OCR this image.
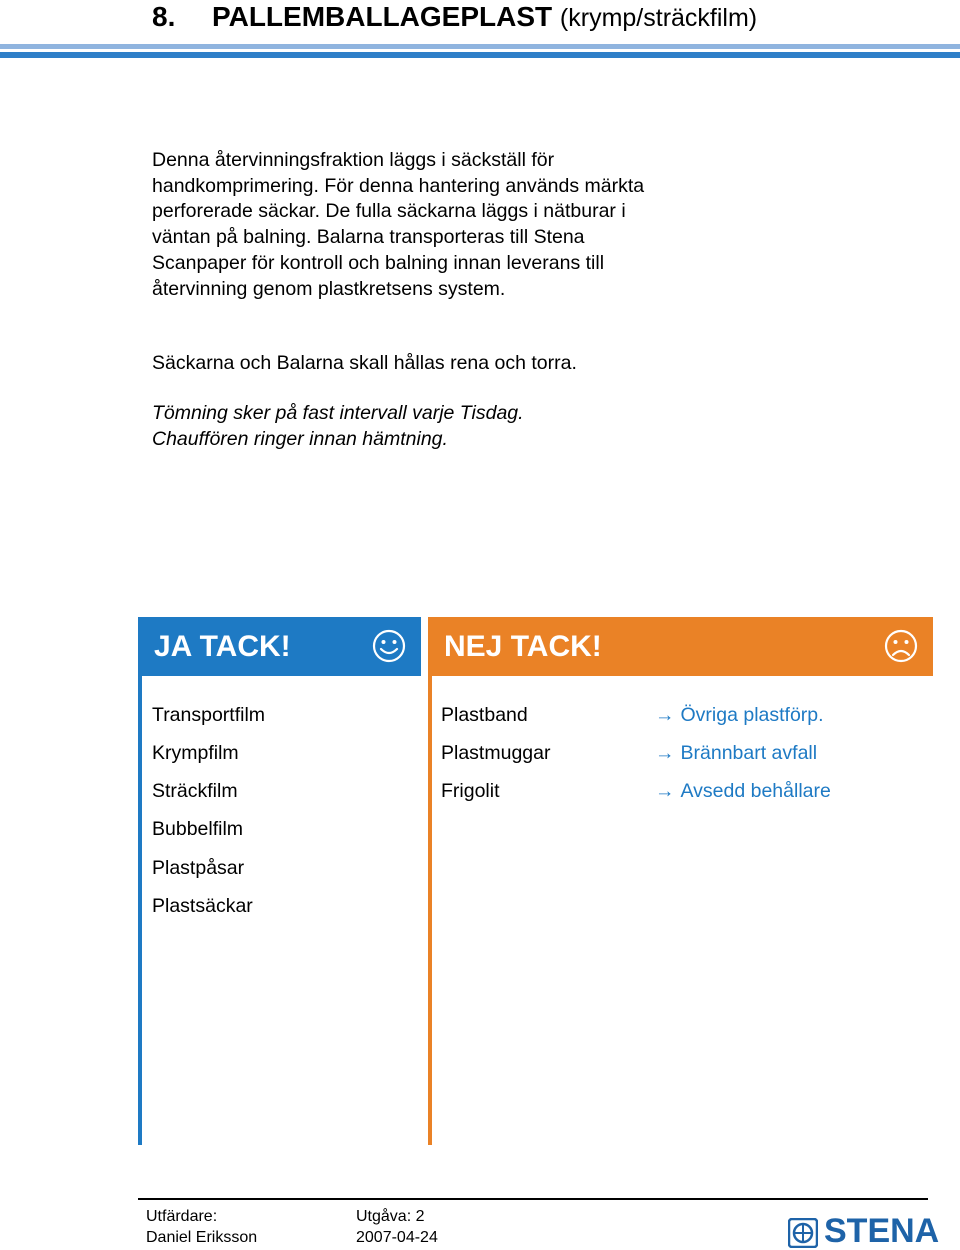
8. PALLEMBALLAGEPLAST (krymp/sträckfilm)
Denna återvinningsfraktion läggs i säckställ för
handkomprimering. För denna hantering används märkta
perforerade säckar. De fulla säckarna läggs i nätburar i
väntan på balning. Balarna transporteras till Stena
Scanpaper för kontroll och balning innan leverans till
återvinning genom plastkretsens system.
Säckarna och Balarna skall hållas rena och torra.
Tömning sker på fast intervall varje Tisdag.
Chauffören ringer innan hämtning.
JA TACK!
Transportfilm
Krympfilm
Sträckfilm
Bubbelfilm
Plastpåsar
Plastsäckar
NEJ TACK!
Plastband
Plastmuggar
Frigolit
→ Övriga plastförp.
→ Brännbart avfall
→ Avsedd behållare
Utfärdare:
Daniel Eriksson
Utgåva: 2
2007-04-24	STENA
